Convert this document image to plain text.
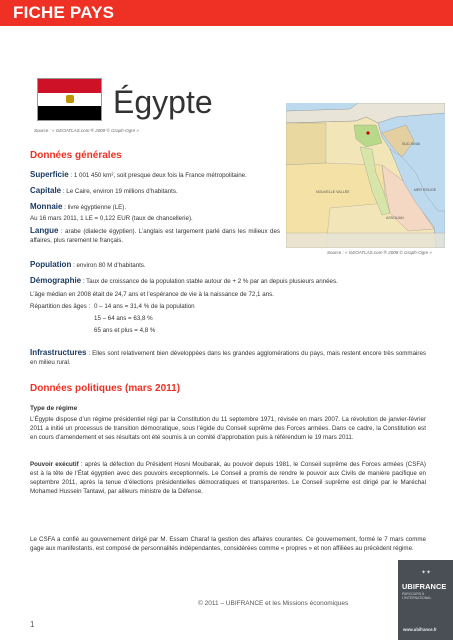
FICHE PAYS
Égypte
Source : « GEOATLAS.com ® 2009 © Graph-Ogre »
SUD-SINAI
ASSOUAN
NOUVELLE VALLÉE	MER ROUGE
Source : « GEOATLAS.com ® 2008 © Graph-Ogre »
Données générales
Superficie : 1 001 450 km², soit presque deux fois la France métropolitaine.
Capitale : Le Caire, environ 19 millions d’habitants.
Monnaie : livre égyptienne (LE).
Au 16 mars 2011, 1 LE = 0,122 EUR (taux de chancellerie).
Langue : arabe (dialecte égyptien). L’anglais est largement parlé dans les milieux des affaires, plus rarement le français.
Population : environ 80 M d’habitants.
Démographie : Taux de croissance de la population stable autour de + 2 % par an depuis plusieurs années.
L’âge médian en 2008 était de 24,7 ans et l’espérance de vie à la naissance de 72,1 ans.
Répartition des âges : 0 – 14 ans = 31,4 % de la population
15 – 64 ans = 63,8 %
65 ans et plus = 4,8 %
Infrastructures : Elles sont relativement bien développées dans les grandes agglomérations du pays, mais restent encore très sommaires en milieu rural.
Données politiques (mars 2011)
Type de régime
L’Égypte dispose d’un régime présidentiel régi par la Constitution du 11 septembre 1971, révisée en mars 2007. La révolution de janvier-février 2011 a initié un processus de transition démocratique, sous l’égide du Conseil suprême des Forces armées. Dans ce cadre, la Constitution est en cours d’amendement et ses résultats ont été soumis à un comité d’approbation puis à référendum le 19 mars 2011.
Pouvoir exécutif : après la défection du Président Hosni Moubarak, au pouvoir depuis 1981, le Conseil suprême des Forces armées (CSFA) est à la tête de l’État égyptien avec des pouvoirs exceptionnels. Le Conseil a promis de rendre le pouvoir aux Civils de manière pacifique en septembre 2011, après la tenue d’élections présidentielles démocratiques et transparentes. Le Conseil suprême est dirigé par le Maréchal Mohamed Hussein Tantawi, par ailleurs ministre de la Défense.
Le CSFA a confié au gouvernement dirigé par M. Essam Charaf la gestion des affaires courantes. Ce gouvernement, formé le 7 mars comme gage aux manifestants, est composé de personnalités indépendantes, considérées comme « propres » et non affiliées au précédent régime.
© 2011 – UBIFRANCE et les Missions économiques
1
✦✦
UBIFRANCE
PARCOURS À L’INTERNATIONAL
www.ubifrance.fr
